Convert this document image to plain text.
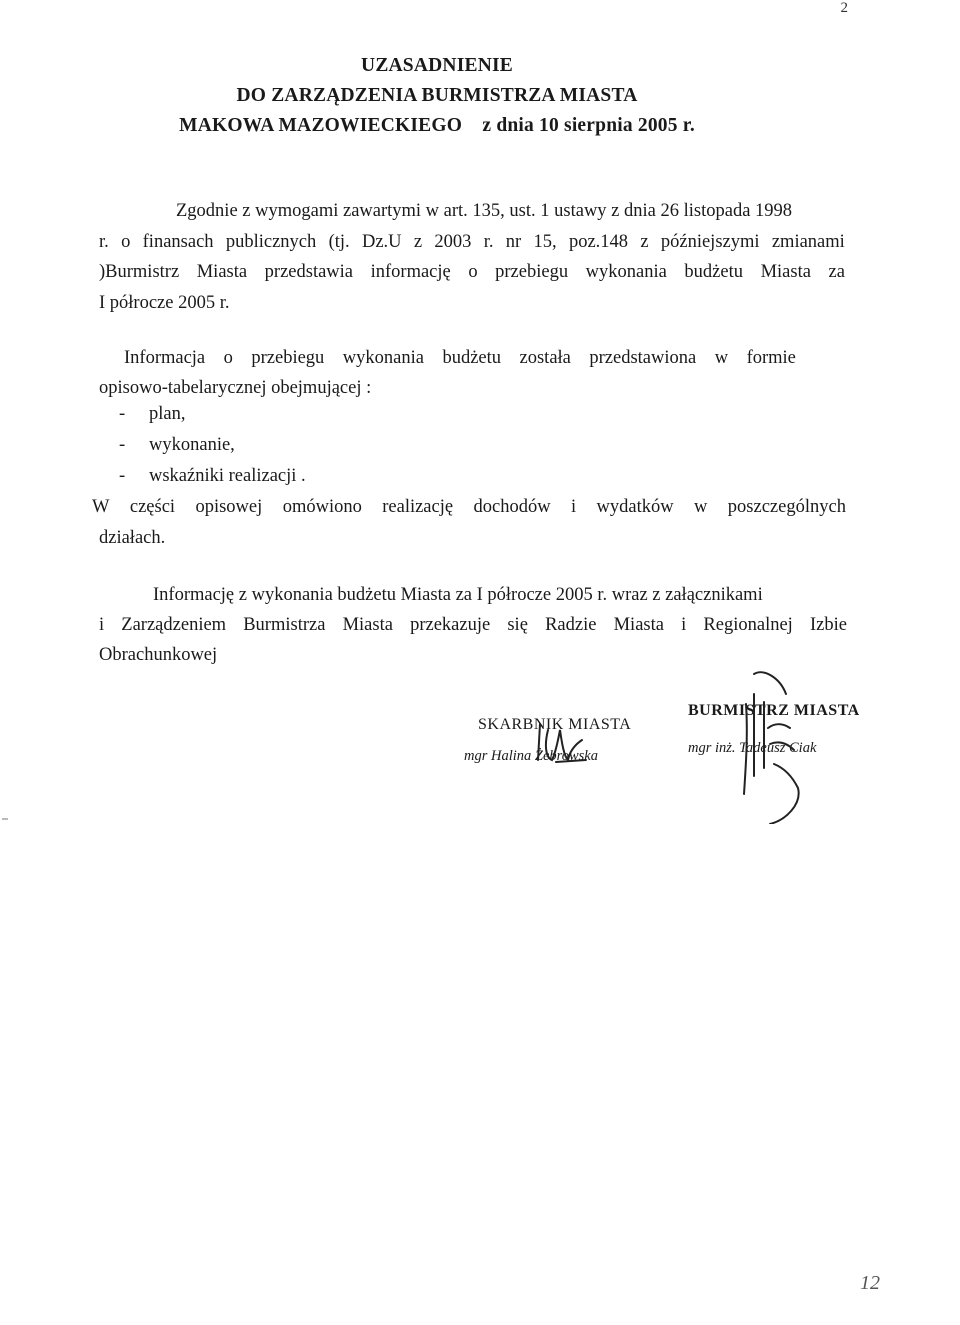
2
UZASADNIENIE
DO ZARZĄDZENIA BURMISTRZA MIASTA
MAKOWA MAZOWIECKIEGO    z dnia 10 sierpnia 2005 r.
Zgodnie z wymogami zawartymi w art. 135, ust. 1 ustawy z dnia 26 listopada 1998
r. o finansach publicznych (tj. Dz.U z 2003 r. nr 15, poz.148 z późniejszymi zmianami
)Burmistrz Miasta przedstawia informację o przebiegu wykonania budżetu Miasta za
I półrocze 2005 r.
Informacja o przebiegu wykonania budżetu została przedstawiona w formie
opisowo-tabelarycznej obejmującej :
-	plan,
-	wykonanie,
-	wskaźniki realizacji .
W części opisowej omówiono realizację dochodów i wydatków w poszczególnych
działach.
Informację z wykonania budżetu Miasta za I półrocze 2005 r. wraz z załącznikami
i Zarządzeniem Burmistrza Miasta przekazuje się Radzie Miasta i Regionalnej Izbie
Obrachunkowej
SKARBNIK MIASTA
mgr Halina Żebrowska
BURMISTRZ MIASTA
mgr inż. Tadeusz Ciak
12
